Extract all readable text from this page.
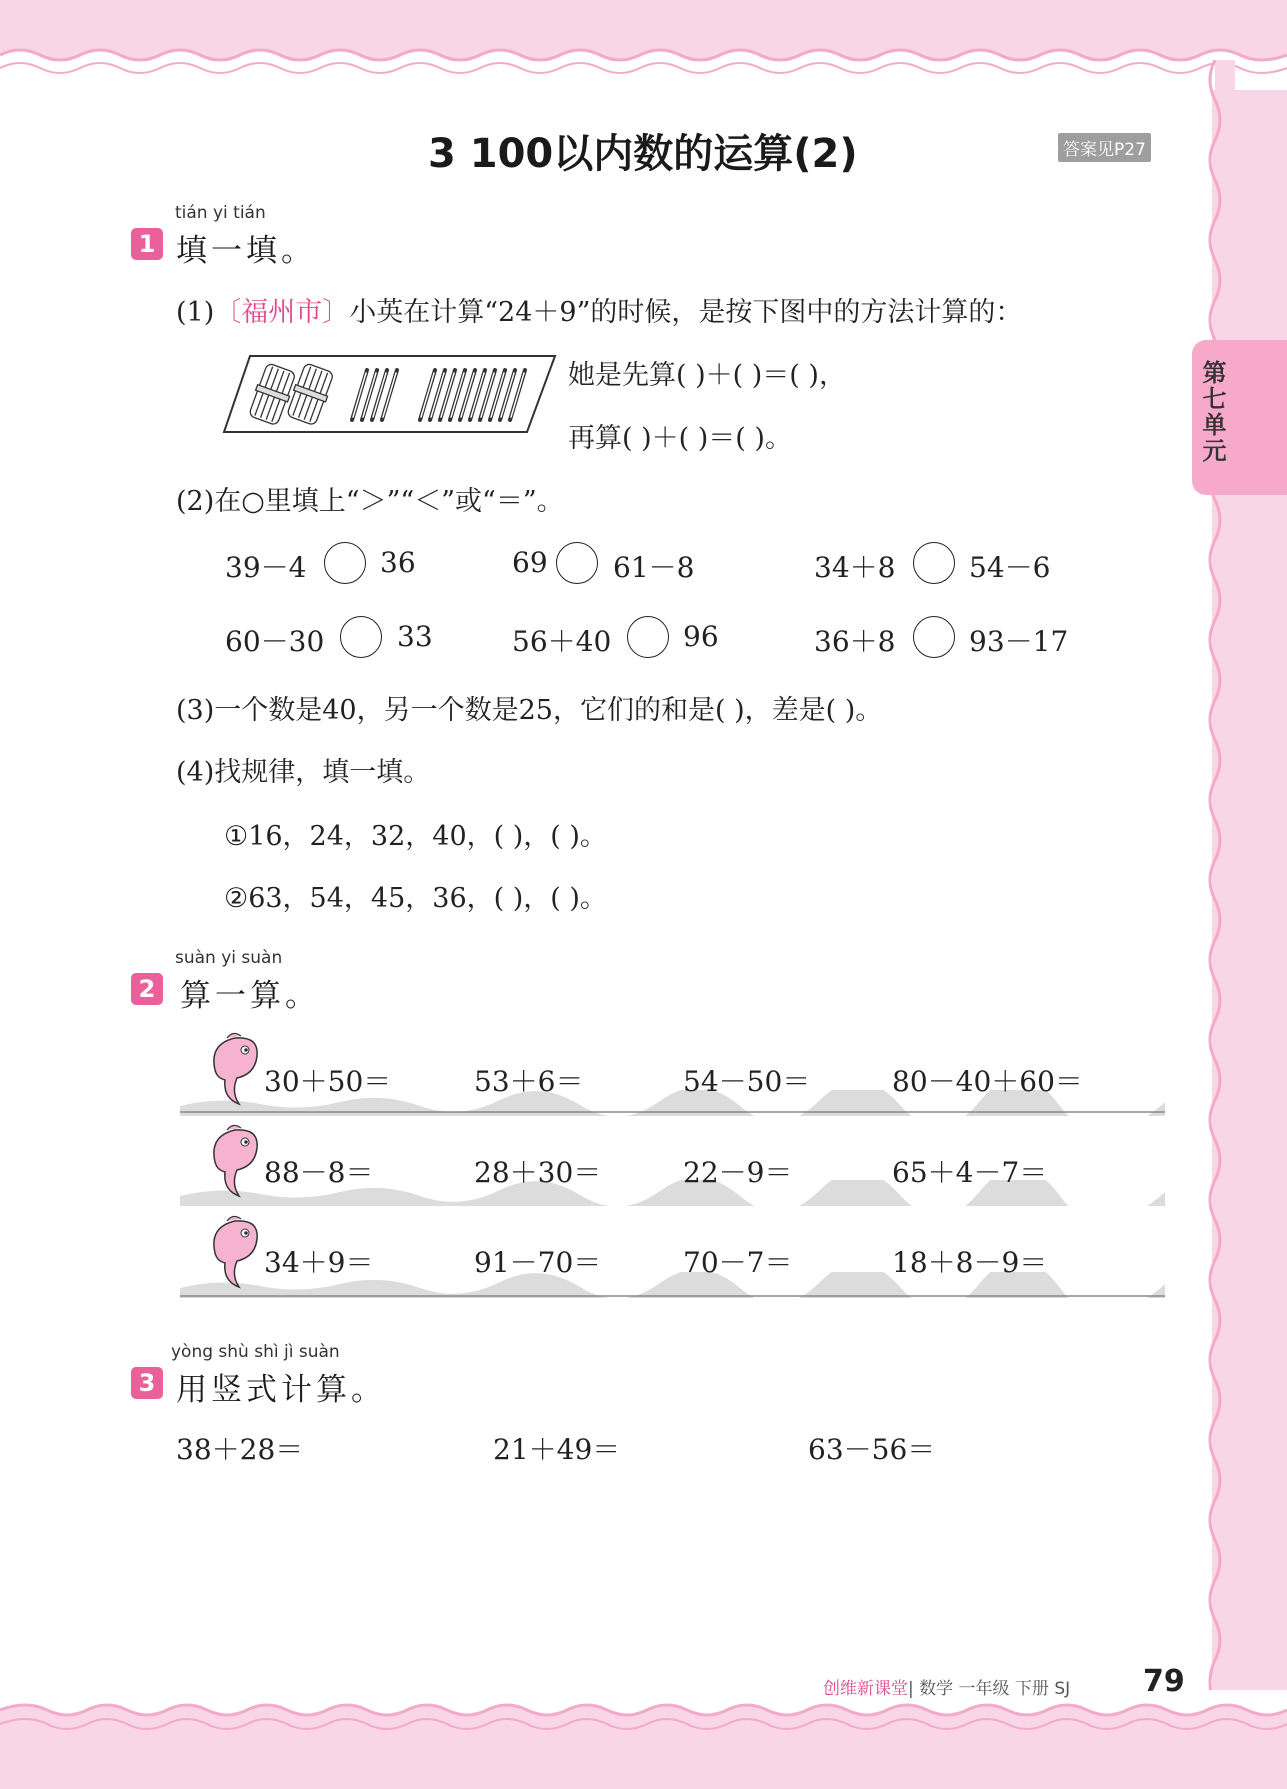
3 100以内数的运算(2)	答案见P27
第七单元
tián yi tián
1 填一填。
(1)〔福州市〕小英在计算“24＋9”的时候，是按下图中的方法计算的：
她是先算( )＋( )＝( )，
再算( )＋( )＝( )。
(2)在○里填上“＞”“＜”或“＝”。
39－4	36	69 61－8	34＋8	54－6
60－30	33	56＋40	96	36＋8	93－17
(3)一个数是40，另一个数是25，它们的和是( )，差是( )。
(4)找规律，填一填。
①16，24，32，40，( )，( )。
②63，54，45，36，( )，( )。
suàn yi suàn
2 算一算。
30＋50＝	53＋6＝	54－50＝	80－40＋60＝
88－8＝	28＋30＝	22－9＝	65＋4－7＝
34＋9＝	91－70＝	70－7＝	18＋8－9＝
yòng shù shì jì suàn
3 用竖式计算。
38＋28＝	21＋49＝	63－56＝
创维新课堂| 数学 一年级 下册 SJ 79
